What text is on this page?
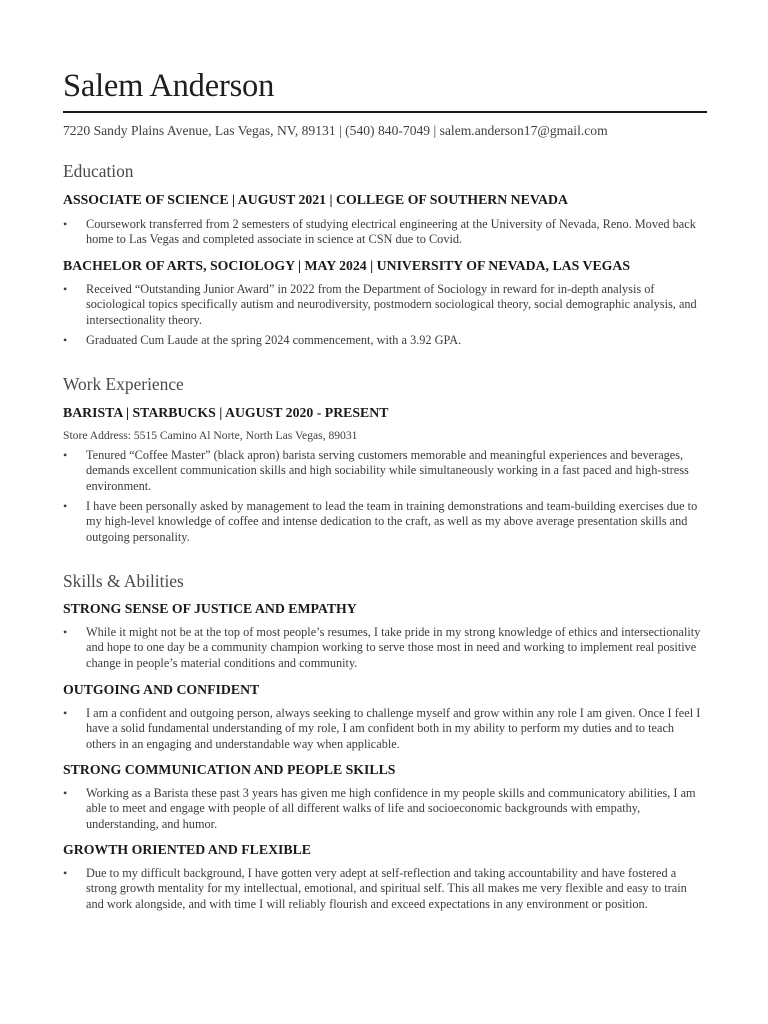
Salem Anderson
7220 Sandy Plains Avenue, Las Vegas, NV, 89131 | (540) 840-7049 | salem.anderson17@gmail.com
Education
ASSOCIATE OF SCIENCE | AUGUST 2021 | COLLEGE OF SOUTHERN NEVADA
• Coursework transferred from 2 semesters of studying electrical engineering at the University of Nevada, Reno. Moved back home to Las Vegas and completed associate in science at CSN due to Covid.
BACHELOR OF ARTS, SOCIOLOGY | MAY 2024 | UNIVERSITY OF NEVADA, LAS VEGAS
• Received “Outstanding Junior Award” in 2022 from the Department of Sociology in reward for in-depth analysis of sociological topics specifically autism and neurodiversity, postmodern sociological theory, social demographic analysis, and intersectionality theory.
• Graduated Cum Laude at the spring 2024 commencement, with a 3.92 GPA.
Work Experience
BARISTA | STARBUCKS | AUGUST 2020 - PRESENT
Store Address: 5515 Camino Al Norte, North Las Vegas, 89031
• Tenured “Coffee Master” (black apron) barista serving customers memorable and meaningful experiences and beverages, demands excellent communication skills and high sociability while simultaneously working in a fast paced and high-stress environment.
• I have been personally asked by management to lead the team in training demonstrations and team-building exercises due to my high-level knowledge of coffee and intense dedication to the craft, as well as my above average presentation skills and outgoing personality.
Skills & Abilities
STRONG SENSE OF JUSTICE AND EMPATHY
• While it might not be at the top of most people’s resumes, I take pride in my strong knowledge of ethics and intersectionality and hope to one day be a community champion working to serve those most in need and working to implement real positive change in people’s material conditions and community.
OUTGOING AND CONFIDENT
• I am a confident and outgoing person, always seeking to challenge myself and grow within any role I am given. Once I feel I have a solid fundamental understanding of my role, I am confident both in my ability to perform my duties and to teach others in an engaging and understandable way when applicable.
STRONG COMMUNICATION AND PEOPLE SKILLS
• Working as a Barista these past 3 years has given me high confidence in my people skills and communicatory abilities, I am able to meet and engage with people of all different walks of life and socioeconomic backgrounds with empathy, understanding, and humor.
GROWTH ORIENTED AND FLEXIBLE
• Due to my difficult background, I have gotten very adept at self-reflection and taking accountability and have fostered a strong growth mentality for my intellectual, emotional, and spiritual self. This all makes me very flexible and easy to train and work alongside, and with time I will reliably flourish and exceed expectations in any environment or position.
